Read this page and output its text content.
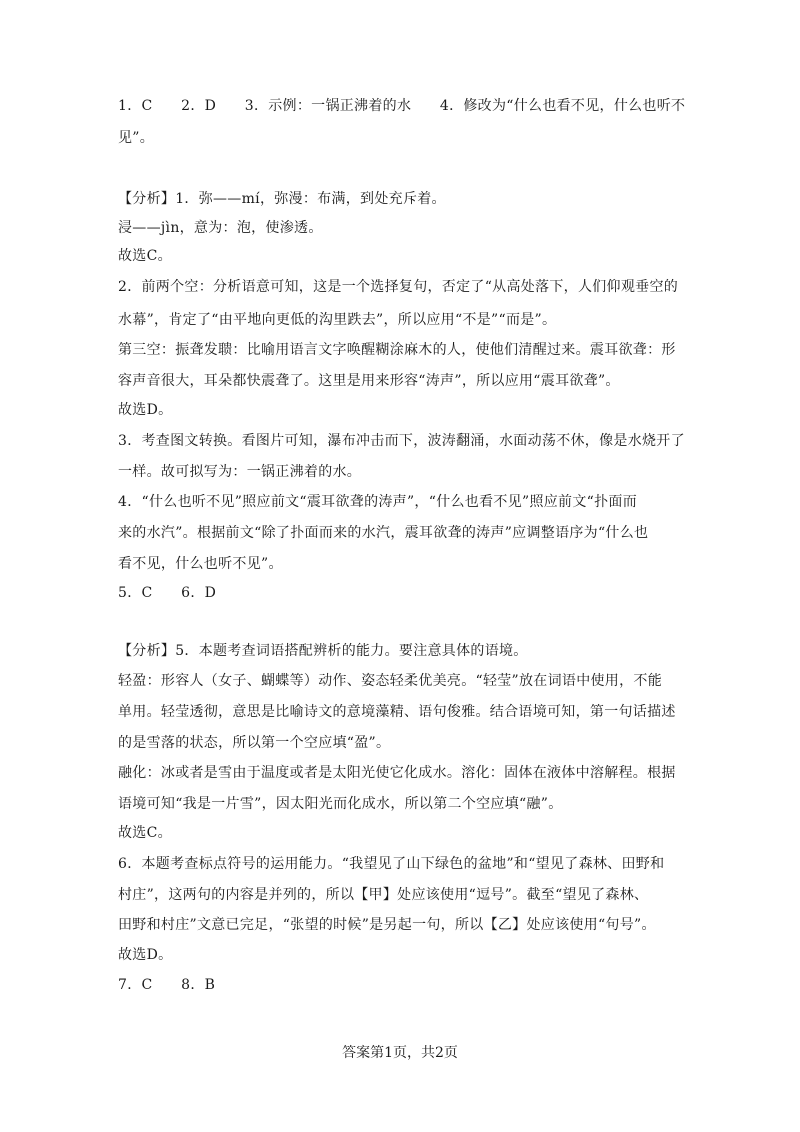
1．C　　2．D　　3．示例：一锅正沸着的水　　4．修改为“什么也看不见，什么也听不

见”。

【分析】1．弥——mí，弥漫：布满，到处充斥着。

浸——jìn，意为：泡，使渗透。

故选C。

2．前两个空：分析语意可知，这是一个选择复句，否定了“从高处落下，人们仰观垂空的

水幕”，肯定了“由平地向更低的沟里跌去”，所以应用“不是”“而是”。

第三空：振聋发聩：比喻用语言文字唤醒糊涂麻木的人，使他们清醒过来。震耳欲聋：形

容声音很大，耳朵都快震聋了。这里是用来形容“涛声”，所以应用“震耳欲聋”。

故选D。

3．考查图文转换。看图片可知，瀑布冲击而下，波涛翻涌，水面动荡不休，像是水烧开了

一样。故可拟写为：一锅正沸着的水。

4．“什么也听不见”照应前文“震耳欲聋的涛声”，“什么也看不见”照应前文“扑面而

来的水汽”。根据前文“除了扑面而来的水汽，震耳欲聋的涛声”应调整语序为“什么也

看不见，什么也听不见”。

5．C　　6．D

【分析】5．本题考查词语搭配辨析的能力。要注意具体的语境。

轻盈：形容人（女子、蝴蝶等）动作、姿态轻柔优美亮。“轻莹”放在词语中使用，不能

单用。轻莹透彻，意思是比喻诗文的意境藻精、语句俊雅。结合语境可知，第一句话描述

的是雪落的状态，所以第一个空应填“盈”。

融化：冰或者是雪由于温度或者是太阳光使它化成水。溶化：固体在液体中溶解程。根据

语境可知“我是一片雪”，因太阳光而化成水，所以第二个空应填“融”。

故选C。

6．本题考查标点符号的运用能力。“我望见了山下绿色的盆地”和“望见了森林、田野和

村庄”，这两句的内容是并列的，所以【甲】处应该使用“逗号”。截至“望见了森林、

田野和村庄”文意已完足，“张望的时候”是另起一句，所以【乙】处应该使用“句号”。

故选D。

7．C　　8．B

答案第1页，共2页
